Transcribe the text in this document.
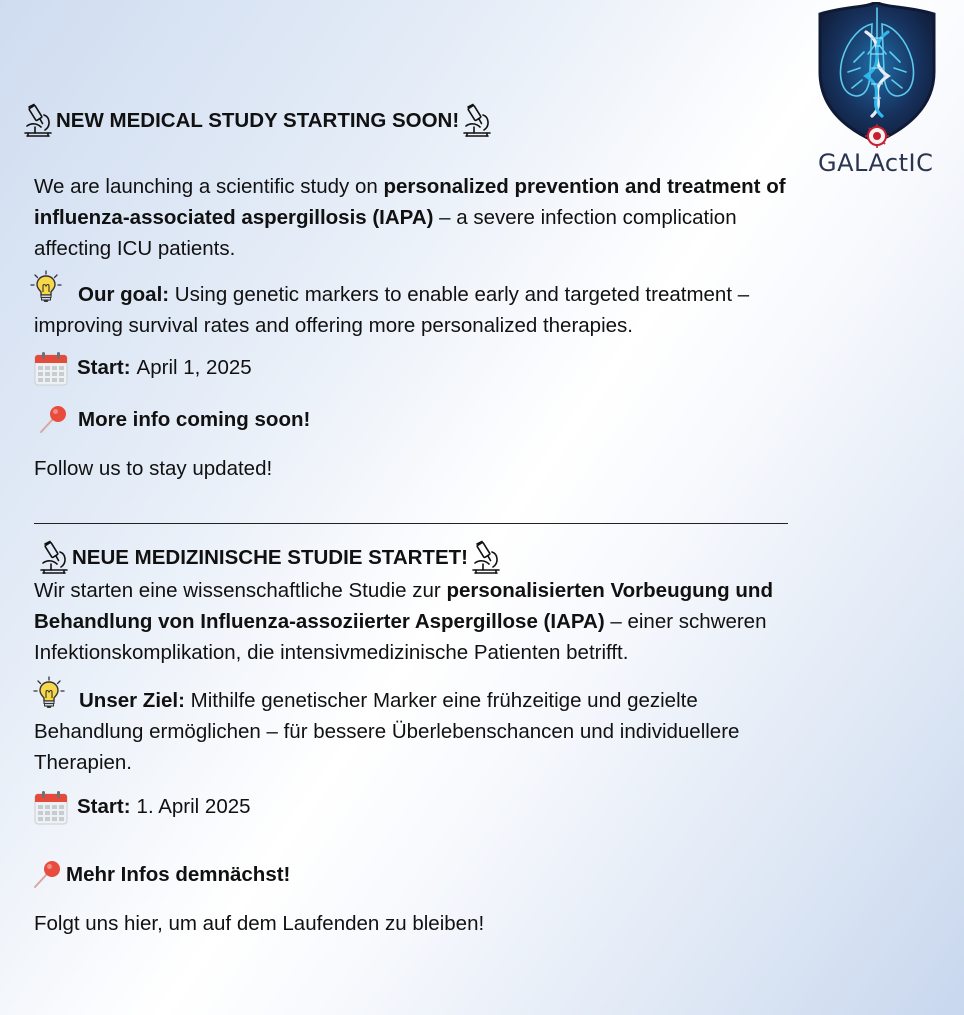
GALActIC
NEW MEDICAL STUDY STARTING SOON!
We are launching a scientific study on personalized prevention and treatment of influenza-associated aspergillosis (IAPA) – a severe infection complication affecting ICU patients.
Our goal: Using genetic markers to enable early and targeted treatment – improving survival rates and offering more personalized therapies.
Start: April 1, 2025
More info coming soon!
Follow us to stay updated!
NEUE MEDIZINISCHE STUDIE STARTET!
Wir starten eine wissenschaftliche Studie zur personalisierten Vorbeugung und Behandlung von Influenza-assoziierter Aspergillose (IAPA) – einer schweren Infektionskomplikation, die intensivmedizinische Patienten betrifft.
Unser Ziel: Mithilfe genetischer Marker eine frühzeitige und gezielte Behandlung ermöglichen – für bessere Überlebenschancen und individuellere Therapien.
Start: 1. April 2025
Mehr Infos demnächst!
Folgt uns hier, um auf dem Laufenden zu bleiben!
